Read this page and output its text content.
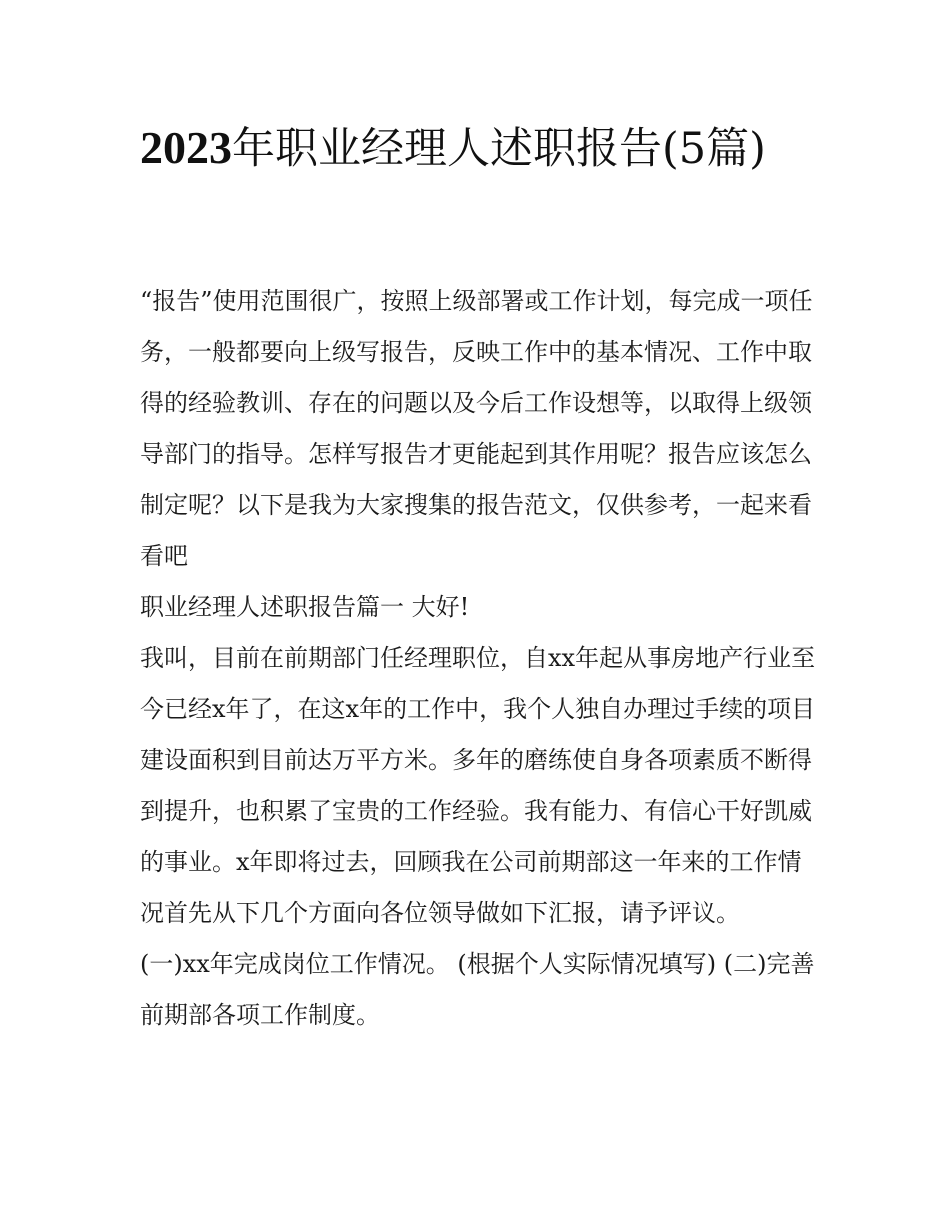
2023年职业经理人述职报告(5篇)

“报告”使用范围很广，按照上级部署或工作计划，每完成一项任务，一般都要向上级写报告，反映工作中的基本情况、工作中取得的经验教训、存在的问题以及今后工作设想等，以取得上级领导部门的指导。怎样写报告才更能起到其作用呢？报告应该怎么制定呢？以下是我为大家搜集的报告范文，仅供参考，一起来看看吧

职业经理人述职报告篇一 大好!

我叫，目前在前期部门任经理职位，自xx年起从事房地产行业至今已经x年了，在这x年的工作中，我个人独自办理过手续的项目建设面积到目前达万平方米。多年的磨练使自身各项素质不断得到提升，也积累了宝贵的工作经验。我有能力、有信心干好凯威的事业。x年即将过去，回顾我在公司前期部这一年来的工作情况首先从下几个方面向各位领导做如下汇报，请予评议。

(一)xx年完成岗位工作情况。 (根据个人实际情况填写) (二)完善前期部各项工作制度。
